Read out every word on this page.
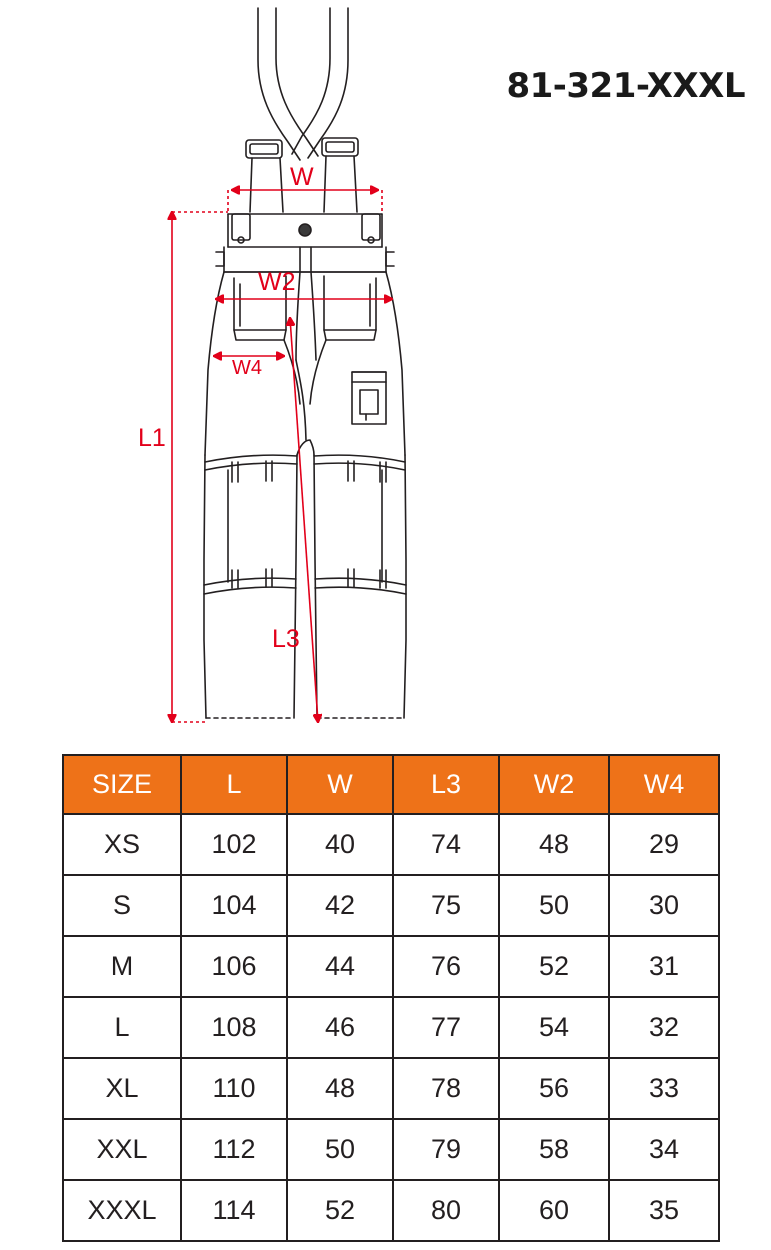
81-321-XXXL
W
W2
W4
L1
L3
SIZE	L	W	L3	W2	W4
XS	102	40	74	48	29
S	104	42	75	50	30
M	106	44	76	52	31
L	108	46	77	54	32
XL	110	48	78	56	33
XXL	112	50	79	58	34
XXXL	114	52	80	60	35
